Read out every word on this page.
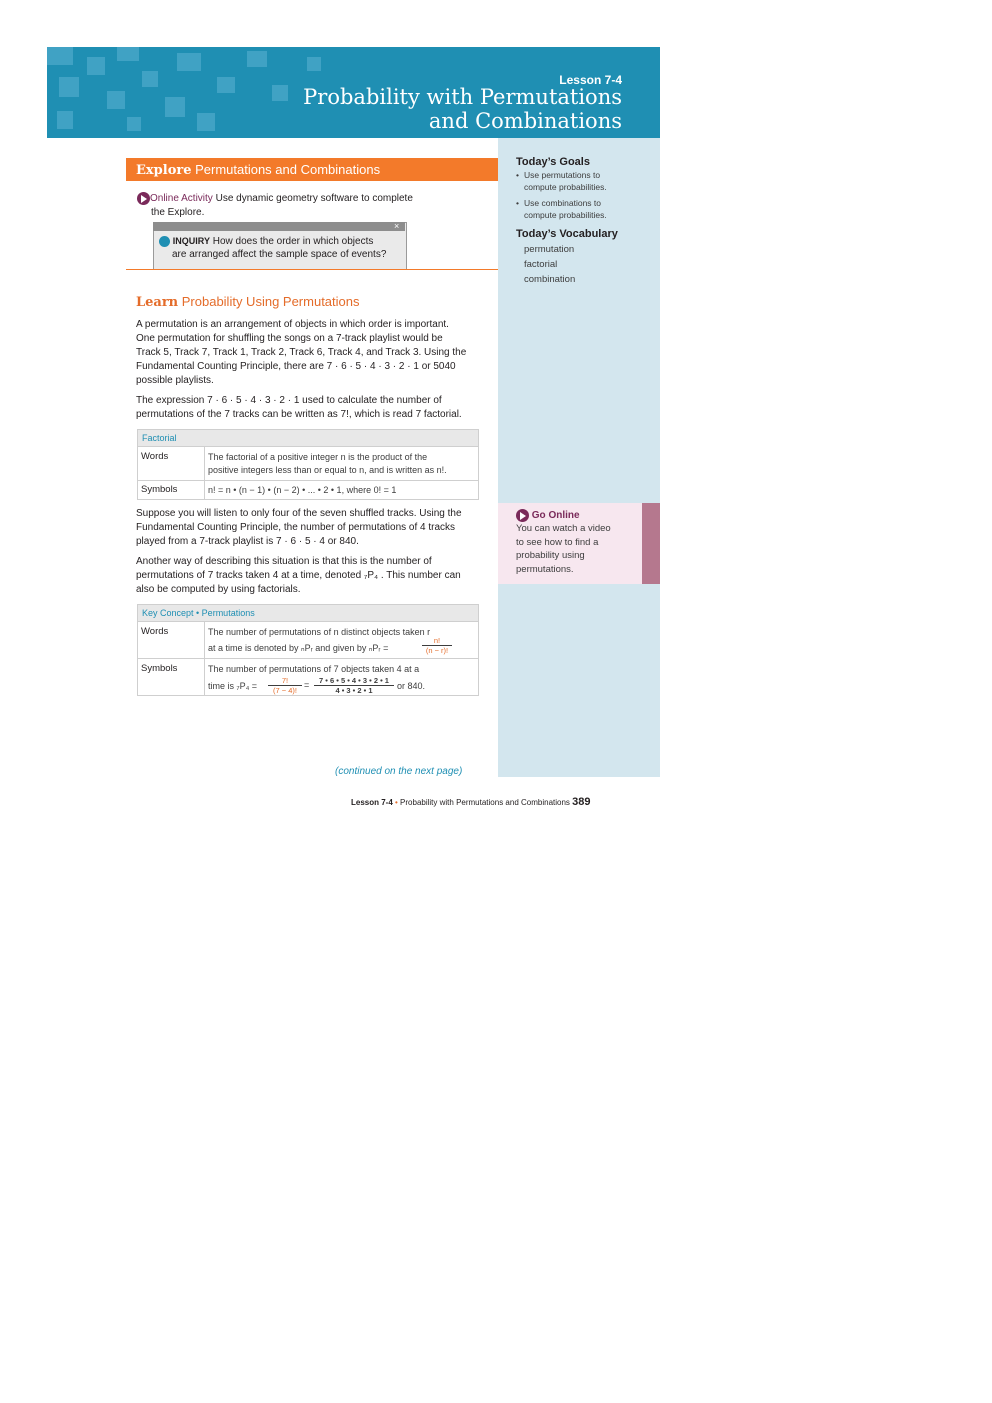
Lesson 7-4
Probability with Permutations
and Combinations
Today’s Goals
• Use permutations to
compute probabilities.
• Use combinations to
compute probabilities.
Today’s Vocabulary
permutation
factorial
combination
Go Online
You can watch a video
to see how to find a
probability using
permutations.
Explore Permutations and Combinations
Online Activity Use dynamic geometry software to complete
the Explore.
×
INQUIRY How does the order in which objects
are arranged affect the sample space of events?
Learn Probability Using Permutations
A permutation is an arrangement of objects in which order is important.
One permutation for shuffling the songs on a 7-track playlist would be
Track 5, Track 7, Track 1, Track 2, Track 6, Track 4, and Track 3. Using the
Fundamental Counting Principle, there are 7 · 6 · 5 · 4 · 3 · 2 · 1 or 5040
possible playlists.
The expression 7 · 6 · 5 · 4 · 3 · 2 · 1 used to calculate the number of
permutations of the 7 tracks can be written as 7!, which is read 7 factorial.
Factorial
Words	The factorial of a positive integer n is the product of the
positive integers less than or equal to n, and is written as n!.
Symbols	n! = n • (n − 1) • (n − 2) • ... • 2 • 1, where 0! = 1
Suppose you will listen to only four of the seven shuffled tracks. Using the
Fundamental Counting Principle, the number of permutations of 4 tracks
played from a 7-track playlist is 7 · 6 · 5 · 4 or 840.
Another way of describing this situation is that this is the number of
permutations of 7 tracks taken 4 at a time, denoted ₇P₄ . This number can
also be computed by using factorials.
Key Concept • Permutations
Words	The number of permutations of n distinct objects taken r
at a time is denoted by ₙPᵣ and given by ₙPᵣ =
n!
(n − r)!
Symbols	The number of permutations of 7 objects taken 4 at a
time is ₇P₄ =
7!
(7 − 4)!
=	7 • 6 • 5 • 4 • 3 • 2 • 1
4 • 3 • 2 • 1	or 840.
(continued on the next page)
Lesson 7-4 • Probability with Permutations and Combinations 389
